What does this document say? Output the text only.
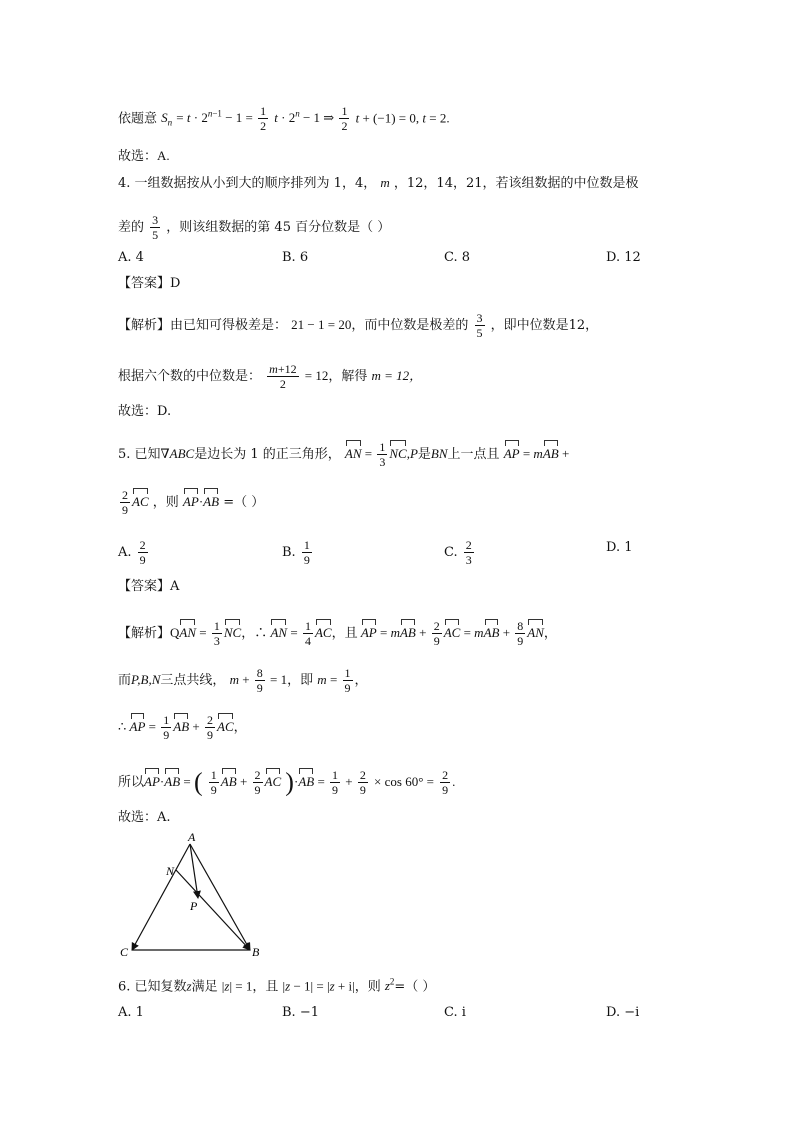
依题意 $S_n = t \cdot 2^{n-1} - 1 = \frac{1}{2}$ $t \cdot 2^n - 1$ ⇒ $\frac{1}{2}$ t + (−1) = 0, t = 2.
故选：A.
4. 一组数据按从小到大的顺序排列为 1，4， m ，12，14，21，若该组数据的中位数是极
差的 $\frac{3}{5}$ ，则该组数据的第 45 百分位数是（ ）
A. 4	B. 6	C. 8	D. 12
【答案】D
【解析】由已知可得极差是： 21 − 1 = 20，而中位数是极差的 $\frac{3}{5}$ ，即中位数是12，
根据六个数的中位数是： $\frac{m+12}{2} = 12$，解得 m = 12，
故选：D.
5. 已知∇ABC是边长为 1 的正三角形， AN = $\frac{1}{3} NC,P$是BN上一点且 AP = mAB +
$\frac{2}{9}$ AC ，则 AP·AB =（ ）
A. $\frac{2}{9}$	B. $\frac{1}{9}$	C. $\frac{2}{3}$	D. 1
【答案】A
【解析】QAN = $\frac{1}{3}$ NC，∴ AN = $\frac{1}{4}$ AC，且 AP = mAB + $\frac{2}{9}$ AC = mAB + $\frac{8}{9}$ AN，
而P,B,N三点共线， $m + \frac{8}{9} = 1$，即 $m = \frac{1}{9}$ ，
∴ AP = $\frac{1}{9}$ AB + $\frac{2}{9}$ AC，
所以AP·AB = ( $\frac{1}{9}$ AB + $\frac{2}{9}$ AC )$\cdot AB = \frac{1}{9} + \frac{2}{9} \times \cos 60^\circ = \frac{2}{9}$ .
故选：A.
A
N
P
C	B
6. 已知复数z满足 |z| = 1，且 |z − 1| = |z + i|，则 $z^2=$（ ）
A. 1	B. −1	C. i	D. −i
